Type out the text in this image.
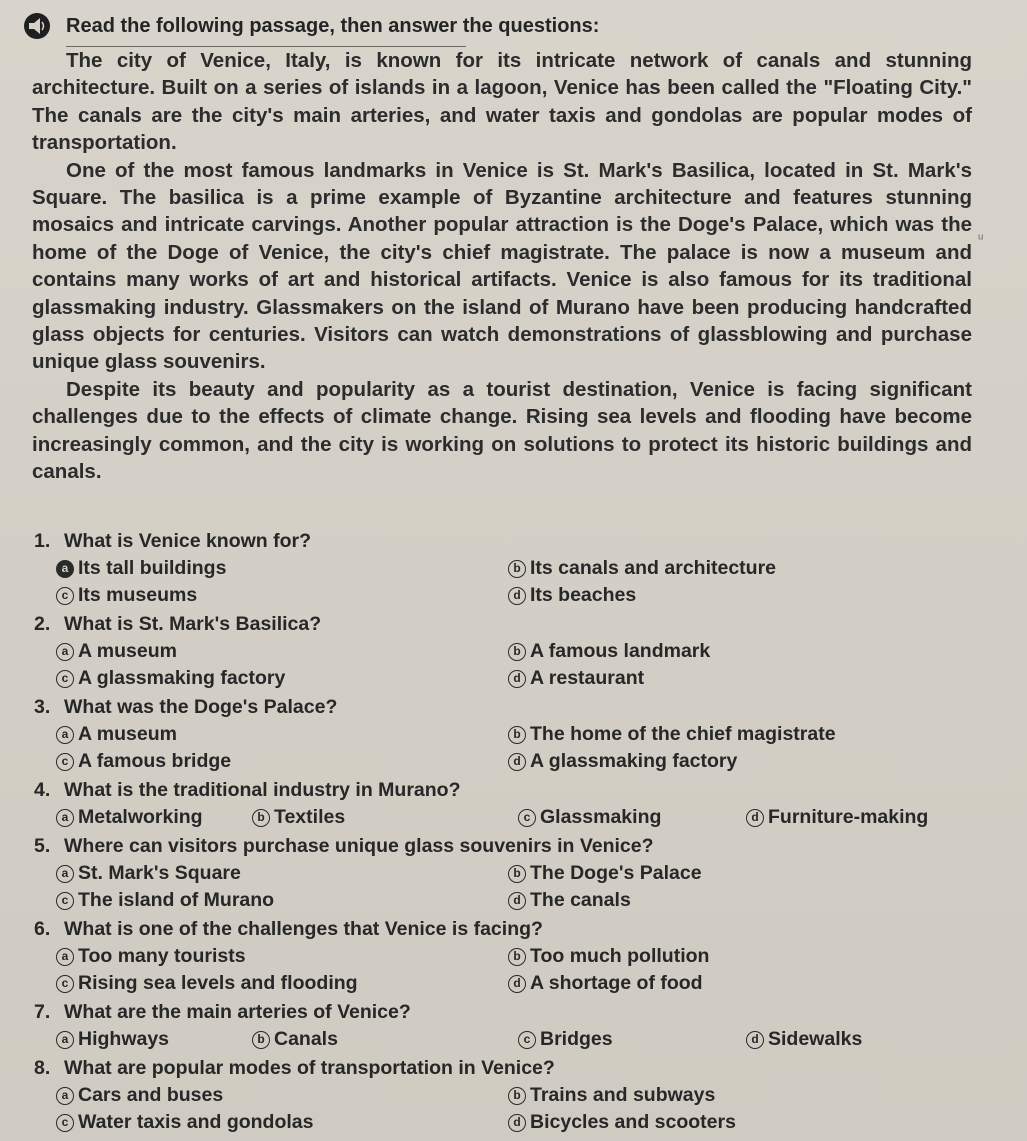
Read the following passage, then answer the questions:

The city of Venice, Italy, is known for its intricate network of canals and stunning architecture. Built on a series of islands in a lagoon, Venice has been called the "Floating City." The canals are the city's main arteries, and water taxis and gondolas are popular modes of transportation.

One of the most famous landmarks in Venice is St. Mark's Basilica, located in St. Mark's Square. The basilica is a prime example of Byzantine architecture and features stunning mosaics and intricate carvings. Another popular attraction is the Doge's Palace, which was the home of the Doge of Venice, the city's chief magistrate. The palace is now a museum and contains many works of art and historical artifacts. Venice is also famous for its traditional glassmaking industry. Glassmakers on the island of Murano have been producing handcrafted glass objects for centuries. Visitors can watch demonstrations of glassblowing and purchase unique glass souvenirs.

Despite its beauty and popularity as a tourist destination, Venice is facing significant challenges due to the effects of climate change. Rising sea levels and flooding have become increasingly common, and the city is working on solutions to protect its historic buildings and canals.

ᵘ
1. What is Venice known for?
a Its tall buildings	b Its canals and architecture
c Its museums	d Its beaches
2. What is St. Mark's Basilica?
a A museum	b A famous landmark
c A glassmaking factory	d A restaurant
3. What was the Doge's Palace?
a A museum	b The home of the chief magistrate
c A famous bridge	d A glassmaking factory
4. What is the traditional industry in Murano?
a Metalworking	b Textiles	c Glassmaking	d Furniture-making
5. Where can visitors purchase unique glass souvenirs in Venice?
a St. Mark's Square	b The Doge's Palace
c The island of Murano	d The canals
6. What is one of the challenges that Venice is facing?
a Too many tourists	b Too much pollution
c Rising sea levels and flooding	d A shortage of food
7. What are the main arteries of Venice?
a Highways	b Canals	c Bridges	d Sidewalks
8. What are popular modes of transportation in Venice?
a Cars and buses	b Trains and subways
c Water taxis and gondolas	d Bicycles and scooters
